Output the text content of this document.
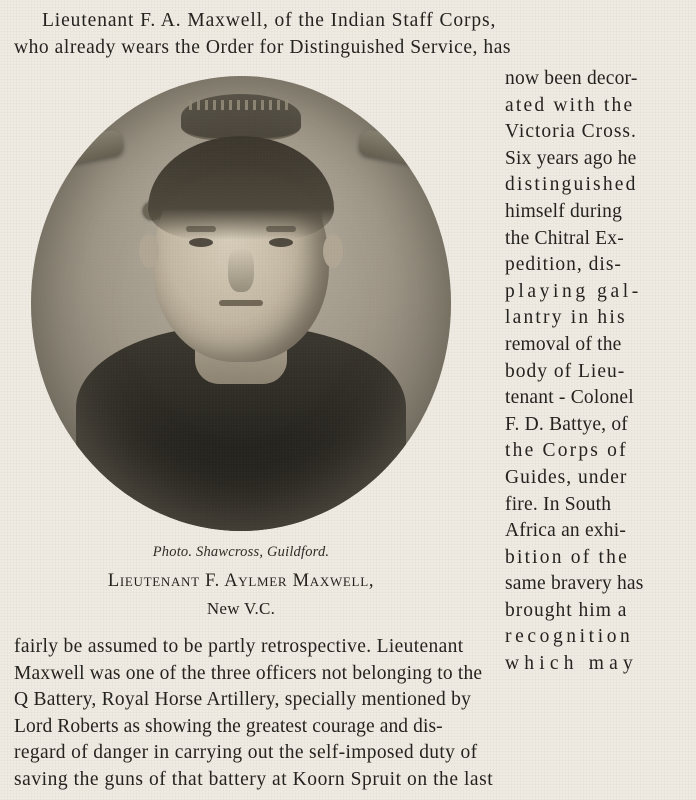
Lieutenant F. A. Maxwell, of the Indian Staff Corps,
who already wears the Order for Distinguished Service, has
Photo. Shawcross, Guildford.
Lieutenant F. Aylmer Maxwell,
New V.C.
now been decor-
ated with the
Victoria Cross.
Six years ago he
distinguished
himself during
the Chitral Ex-
pedition, dis-
playing gal-
lantry in his
removal of the
body of Lieu-
tenant - Colonel
F. D. Battye, of
the Corps of
Guides, under
fire. In South
Africa an exhi-
bition of the
same bravery has
brought him a
recognition
which may
fairly be assumed to be partly retrospective. Lieutenant
Maxwell was one of the three officers not belonging to the
Q Battery, Royal Horse Artillery, specially mentioned by
Lord Roberts as showing the greatest courage and dis-
regard of danger in carrying out the self-imposed duty of
saving the guns of that battery at Koorn Spruit on the last
